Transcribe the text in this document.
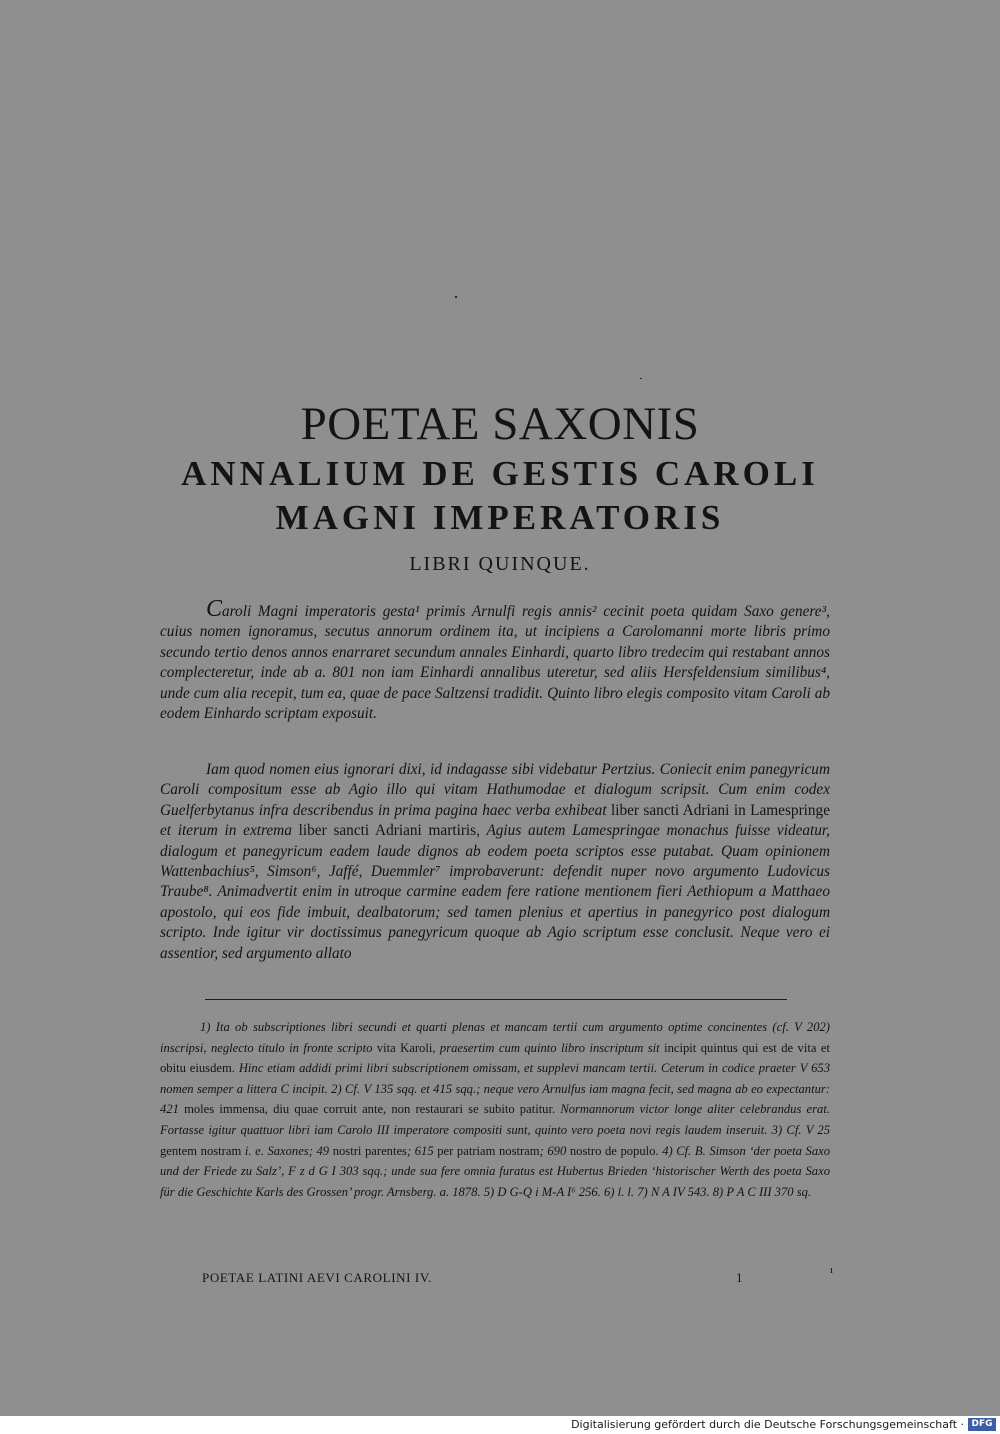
POETAE SAXONIS
ANNALIUM DE GESTIS CAROLI
MAGNI IMPERATORIS
LIBRI QUINQUE.

Caroli Magni imperatoris gesta¹ primis Arnulfi regis annis² cecinit poeta quidam Saxo genere³, cuius nomen ignoramus, secutus annorum ordinem ita, ut incipiens a Carolomanni morte libris primo secundo tertio denos annos enarraret secundum annales Einhardi, quarto libro tredecim qui restabant annos complecteretur, inde ab a. 801 non iam Einhardi annalibus uteretur, sed aliis Hersfeldensium similibus⁴, unde cum alia recepit, tum ea, quae de pace Saltzensi tradidit. Quinto libro elegis composito vitam Caroli ab eodem Einhardo scriptam exposuit.

Iam quod nomen eius ignorari dixi, id indagasse sibi videbatur Pertzius. Coniecit enim panegyricum Caroli compositum esse ab Agio illo qui vitam Hathumodae et dialogum scripsit. Cum enim codex Guelferbytanus infra describendus in prima pagina haec verba exhibeat liber sancti Adriani in Lamespringe et iterum in extrema liber sancti Adriani martiris, Agius autem Lamespringae monachus fuisse videatur, dialogum et panegyricum eadem laude dignos ab eodem poeta scriptos esse putabat. Quam opinionem Wattenbachius⁵, Simson⁶, Jaffé, Duemmler⁷ improbaverunt: defendit nuper novo argumento Ludovicus Traube⁸. Animadvertit enim in utroque carmine eadem fere ratione mentionem fieri Aethiopum a Matthaeo apostolo, qui eos fide imbuit, dealbatorum; sed tamen plenius et apertius in panegyrico post dialogum scripto. Inde igitur vir doctissimus panegyricum quoque ab Agio scriptum esse conclusit. Neque vero ei assentior, sed argumento allato

1) Ita ob subscriptiones libri secundi et quarti plenas et mancam tertii cum argumento optime concinentes (cf. V 202) inscripsi, neglecto titulo in fronte scripto vita Karoli, praesertim cum quinto libro inscriptum sit incipit quintus qui est de vita et obitu eiusdem. Hinc etiam addidi primi libri subscriptionem omissam, et supplevi mancam tertii. Ceterum in codice praeter V 653 nomen semper a littera C incipit. 2) Cf. V 135 sqq. et 415 sqq.; neque vero Arnulfus iam magna fecit, sed magna ab eo expectantur: 421 moles immensa, diu quae corruit ante, non restaurari se subito patitur. Normannorum victor longe aliter celebrandus erat. Fortasse igitur quattuor libri iam Carolo III imperatore compositi sunt, quinto vero poeta novi regis laudem inseruit. 3) Cf. V 25 gentem nostram i. e. Saxones; 49 nostri parentes; 615 per patriam nostram; 690 nostro de populo. 4) Cf. B. Simson ‘der poeta Saxo und der Friede zu Salz’, F z d G I 303 sqq.; unde sua fere omnia furatus est Hubertus Brieden ‘historischer Werth des poeta Saxo für die Geschichte Karls des Grossen’ progr. Arnsberg. a. 1878. 5) D G-Q i M-A I⁶ 256. 6) l. l. 7) N A IV 543. 8) P A C III 370 sq.

POETAE LATINI AEVI CAROLINI IV.	1	ı
Digitalisierung gefördert durch die Deutsche Forschungsgemeinschaft · DFG
